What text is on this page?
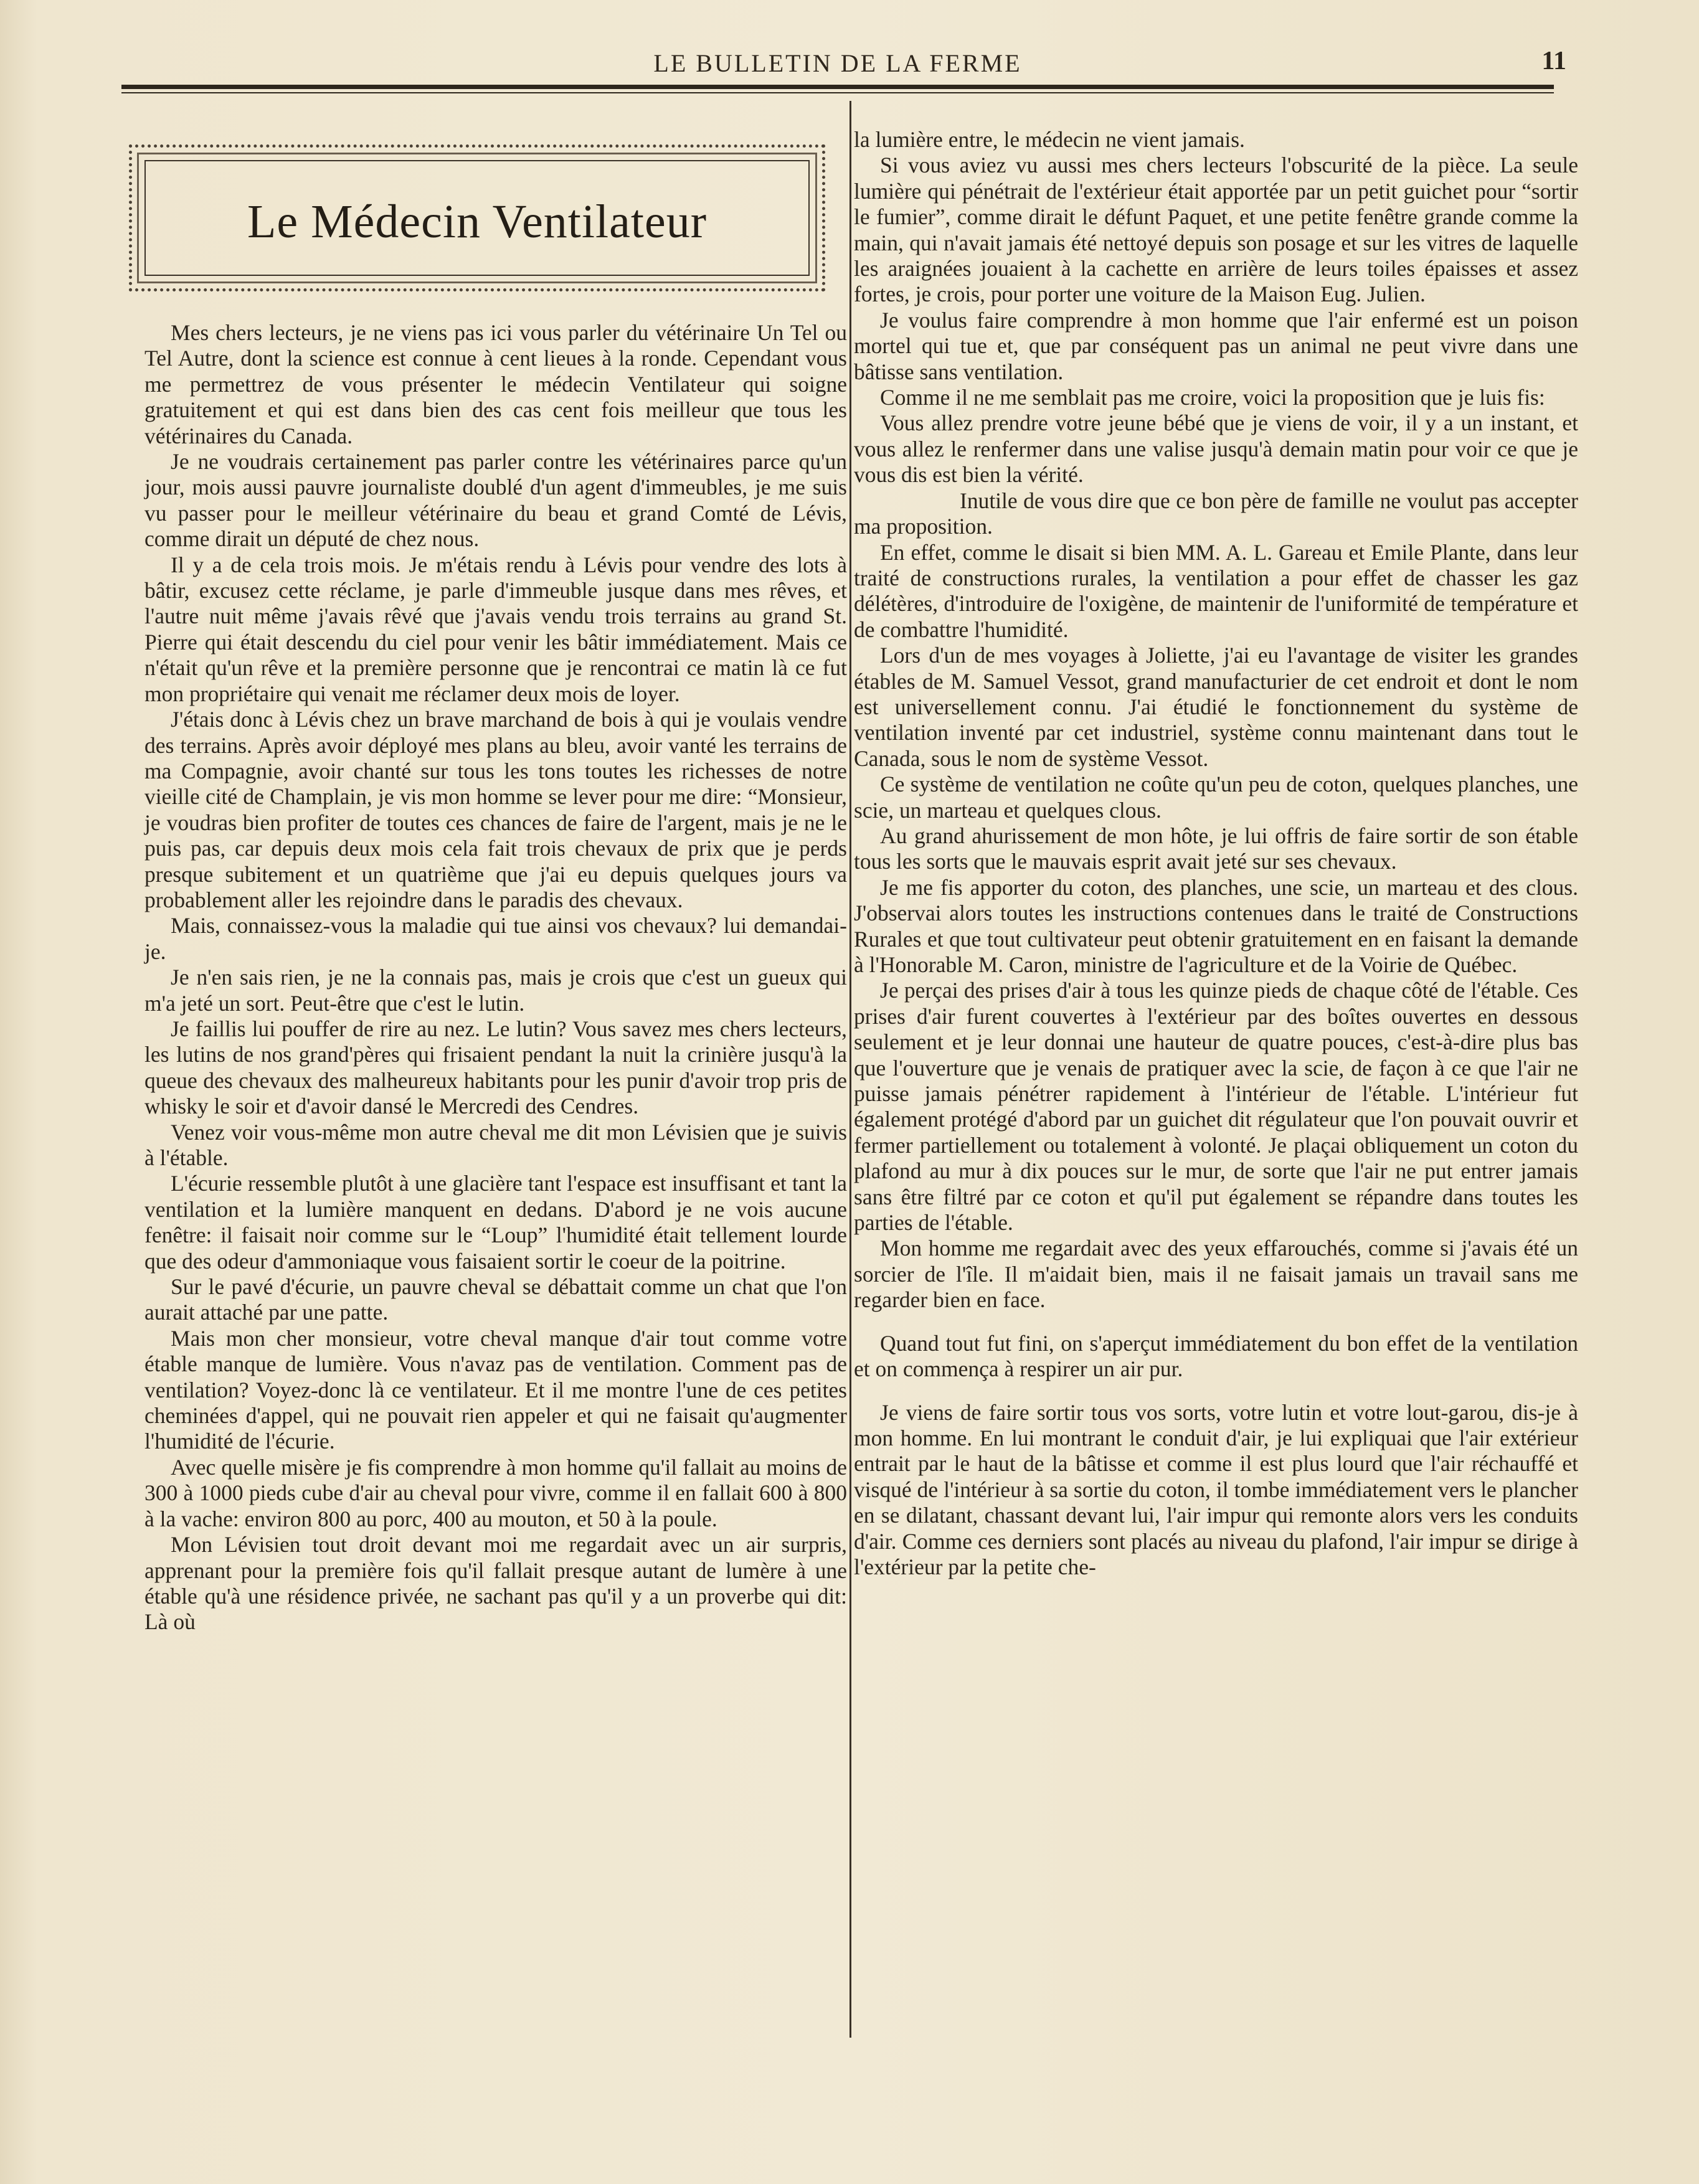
LE BULLETIN DE LA FERME	11
Le Médecin Ventilateur

Mes chers lecteurs, je ne viens pas ici vous parler du vétérinaire Un Tel ou Tel Autre, dont la science est connue à cent lieues à la ronde. Cependant vous me permettrez de vous présenter le médecin Ventilateur qui soigne gratuitement et qui est dans bien des cas cent fois meilleur que tous les vétérinaires du Canada.

Je ne voudrais certainement pas parler contre les vétérinaires parce qu'un jour, mois aussi pauvre journaliste doublé d'un agent d'immeubles, je me suis vu passer pour le meilleur vétérinaire du beau et grand Comté de Lévis, comme dirait un député de chez nous.

Il y a de cela trois mois. Je m'étais rendu à Lévis pour vendre des lots à bâtir, excusez cette réclame, je parle d'immeuble jusque dans mes rêves, et l'autre nuit même j'avais rêvé que j'avais vendu trois terrains au grand St. Pierre qui était descendu du ciel pour venir les bâtir immédiatement. Mais ce n'était qu'un rêve et la première personne que je rencontrai ce matin là ce fut mon propriétaire qui venait me réclamer deux mois de loyer.

J'étais donc à Lévis chez un brave marchand de bois à qui je voulais vendre des terrains. Après avoir déployé mes plans au bleu, avoir vanté les terrains de ma Compagnie, avoir chanté sur tous les tons toutes les richesses de notre vieille cité de Champlain, je vis mon homme se lever pour me dire: “Monsieur, je voudras bien profiter de toutes ces chances de faire de l'argent, mais je ne le puis pas, car depuis deux mois cela fait trois chevaux de prix que je perds presque subitement et un quatrième que j'ai eu depuis quelques jours va probablement aller les rejoindre dans le paradis des chevaux.

Mais, connaissez-vous la maladie qui tue ainsi vos chevaux? lui demandai-je.

Je n'en sais rien, je ne la connais pas, mais je crois que c'est un gueux qui m'a jeté un sort. Peut-être que c'est le lutin.

Je faillis lui pouffer de rire au nez. Le lutin? Vous savez mes chers lecteurs, les lutins de nos grand'pères qui frisaient pendant la nuit la crinière jusqu'à la queue des chevaux des malheureux habitants pour les punir d'avoir trop pris de whisky le soir et d'avoir dansé le Mercredi des Cendres.

Venez voir vous-même mon autre cheval me dit mon Lévisien que je suivis à l'étable.

L'écurie ressemble plutôt à une glacière tant l'espace est insuffisant et tant la ventilation et la lumière manquent en dedans. D'abord je ne vois aucune fenêtre: il faisait noir comme sur le “Loup” l'humidité était tellement lourde que des odeur d'ammoniaque vous faisaient sortir le coeur de la poitrine.

Sur le pavé d'écurie, un pauvre cheval se débattait comme un chat que l'on aurait attaché par une patte.

Mais mon cher monsieur, votre cheval manque d'air tout comme votre étable manque de lumière. Vous n'avaz pas de ventilation. Comment pas de ventilation? Voyez-donc là ce ventilateur. Et il me montre l'une de ces petites cheminées d'appel, qui ne pouvait rien appeler et qui ne faisait qu'augmenter l'humidité de l'écurie.

Avec quelle misère je fis comprendre à mon homme qu'il fallait au moins de 300 à 1000 pieds cube d'air au cheval pour vivre, comme il en fallait 600 à 800 à la vache: environ 800 au porc, 400 au mouton, et 50 à la poule.

Mon Lévisien tout droit devant moi me regardait avec un air surpris, apprenant pour la première fois qu'il fallait presque autant de lumère à une étable qu'à une résidence privée, ne sachant pas qu'il y a un proverbe qui dit: Là où

la lumière entre, le médecin ne vient jamais.

Si vous aviez vu aussi mes chers lecteurs l'obscurité de la pièce. La seule lumière qui pénétrait de l'extérieur était apportée par un petit guichet pour “sortir le fumier”, comme dirait le défunt Paquet, et une petite fenêtre grande comme la main, qui n'avait jamais été nettoyé depuis son posage et sur les vitres de laquelle les araignées jouaient à la cachette en arrière de leurs toiles épaisses et assez fortes, je crois, pour porter une voiture de la Maison Eug. Julien.

Je voulus faire comprendre à mon homme que l'air enfermé est un poison mortel qui tue et, que par conséquent pas un animal ne peut vivre dans une bâtisse sans ventilation.

Comme il ne me semblait pas me croire, voici la proposition que je luis fis:

Vous allez prendre votre jeune bébé que je viens de voir, il y a un instant, et vous allez le renfermer dans une valise jusqu'à demain matin pour voir ce que je vous dis est bien la vérité.

Inutile de vous dire que ce bon père de famille ne voulut pas accepter ma proposition.

En effet, comme le disait si bien MM. A. L. Gareau et Emile Plante, dans leur traité de constructions rurales, la ventilation a pour effet de chasser les gaz délétères, d'introduire de l'oxigène, de maintenir de l'uniformité de température et de combattre l'humidité.

Lors d'un de mes voyages à Joliette, j'ai eu l'avantage de visiter les grandes étables de M. Samuel Vessot, grand manufacturier de cet endroit et dont le nom est universellement connu. J'ai étudié le fonctionnement du système de ventilation inventé par cet industriel, système connu maintenant dans tout le Canada, sous le nom de système Vessot.

Ce système de ventilation ne coûte qu'un peu de coton, quelques planches, une scie, un marteau et quelques clous.

Au grand ahurissement de mon hôte, je lui offris de faire sortir de son étable tous les sorts que le mauvais esprit avait jeté sur ses chevaux.

Je me fis apporter du coton, des planches, une scie, un marteau et des clous. J'observai alors toutes les instructions contenues dans le traité de Constructions Rurales et que tout cultivateur peut obtenir gratuitement en en faisant la demande à l'Honorable M. Caron, ministre de l'agriculture et de la Voirie de Québec.

Je perçai des prises d'air à tous les quinze pieds de chaque côté de l'étable. Ces prises d'air furent couvertes à l'extérieur par des boîtes ouvertes en dessous seulement et je leur donnai une hauteur de quatre pouces, c'est-à-dire plus bas que l'ouverture que je venais de pratiquer avec la scie, de façon à ce que l'air ne puisse jamais pénétrer rapidement à l'intérieur de l'étable. L'intérieur fut également protégé d'abord par un guichet dit régulateur que l'on pouvait ouvrir et fermer partiellement ou totalement à volonté. Je plaçai obliquement un coton du plafond au mur à dix pouces sur le mur, de sorte que l'air ne put entrer jamais sans être filtré par ce coton et qu'il put également se répandre dans toutes les parties de l'étable.

Mon homme me regardait avec des yeux effarouchés, comme si j'avais été un sorcier de l'île. Il m'aidait bien, mais il ne faisait jamais un travail sans me regarder bien en face.

Quand tout fut fini, on s'aperçut immédiatement du bon effet de la ventilation et on commença à respirer un air pur.

Je viens de faire sortir tous vos sorts, votre lutin et votre lout-garou, dis-je à mon homme. En lui montrant le conduit d'air, je lui expliquai que l'air extérieur entrait par le haut de la bâtisse et comme il est plus lourd que l'air réchauffé et visqué de l'intérieur à sa sortie du coton, il tombe immédiatement vers le plancher en se dilatant, chassant devant lui, l'air impur qui remonte alors vers les conduits d'air. Comme ces derniers sont placés au niveau du plafond, l'air impur se dirige à l'extérieur par la petite che-
